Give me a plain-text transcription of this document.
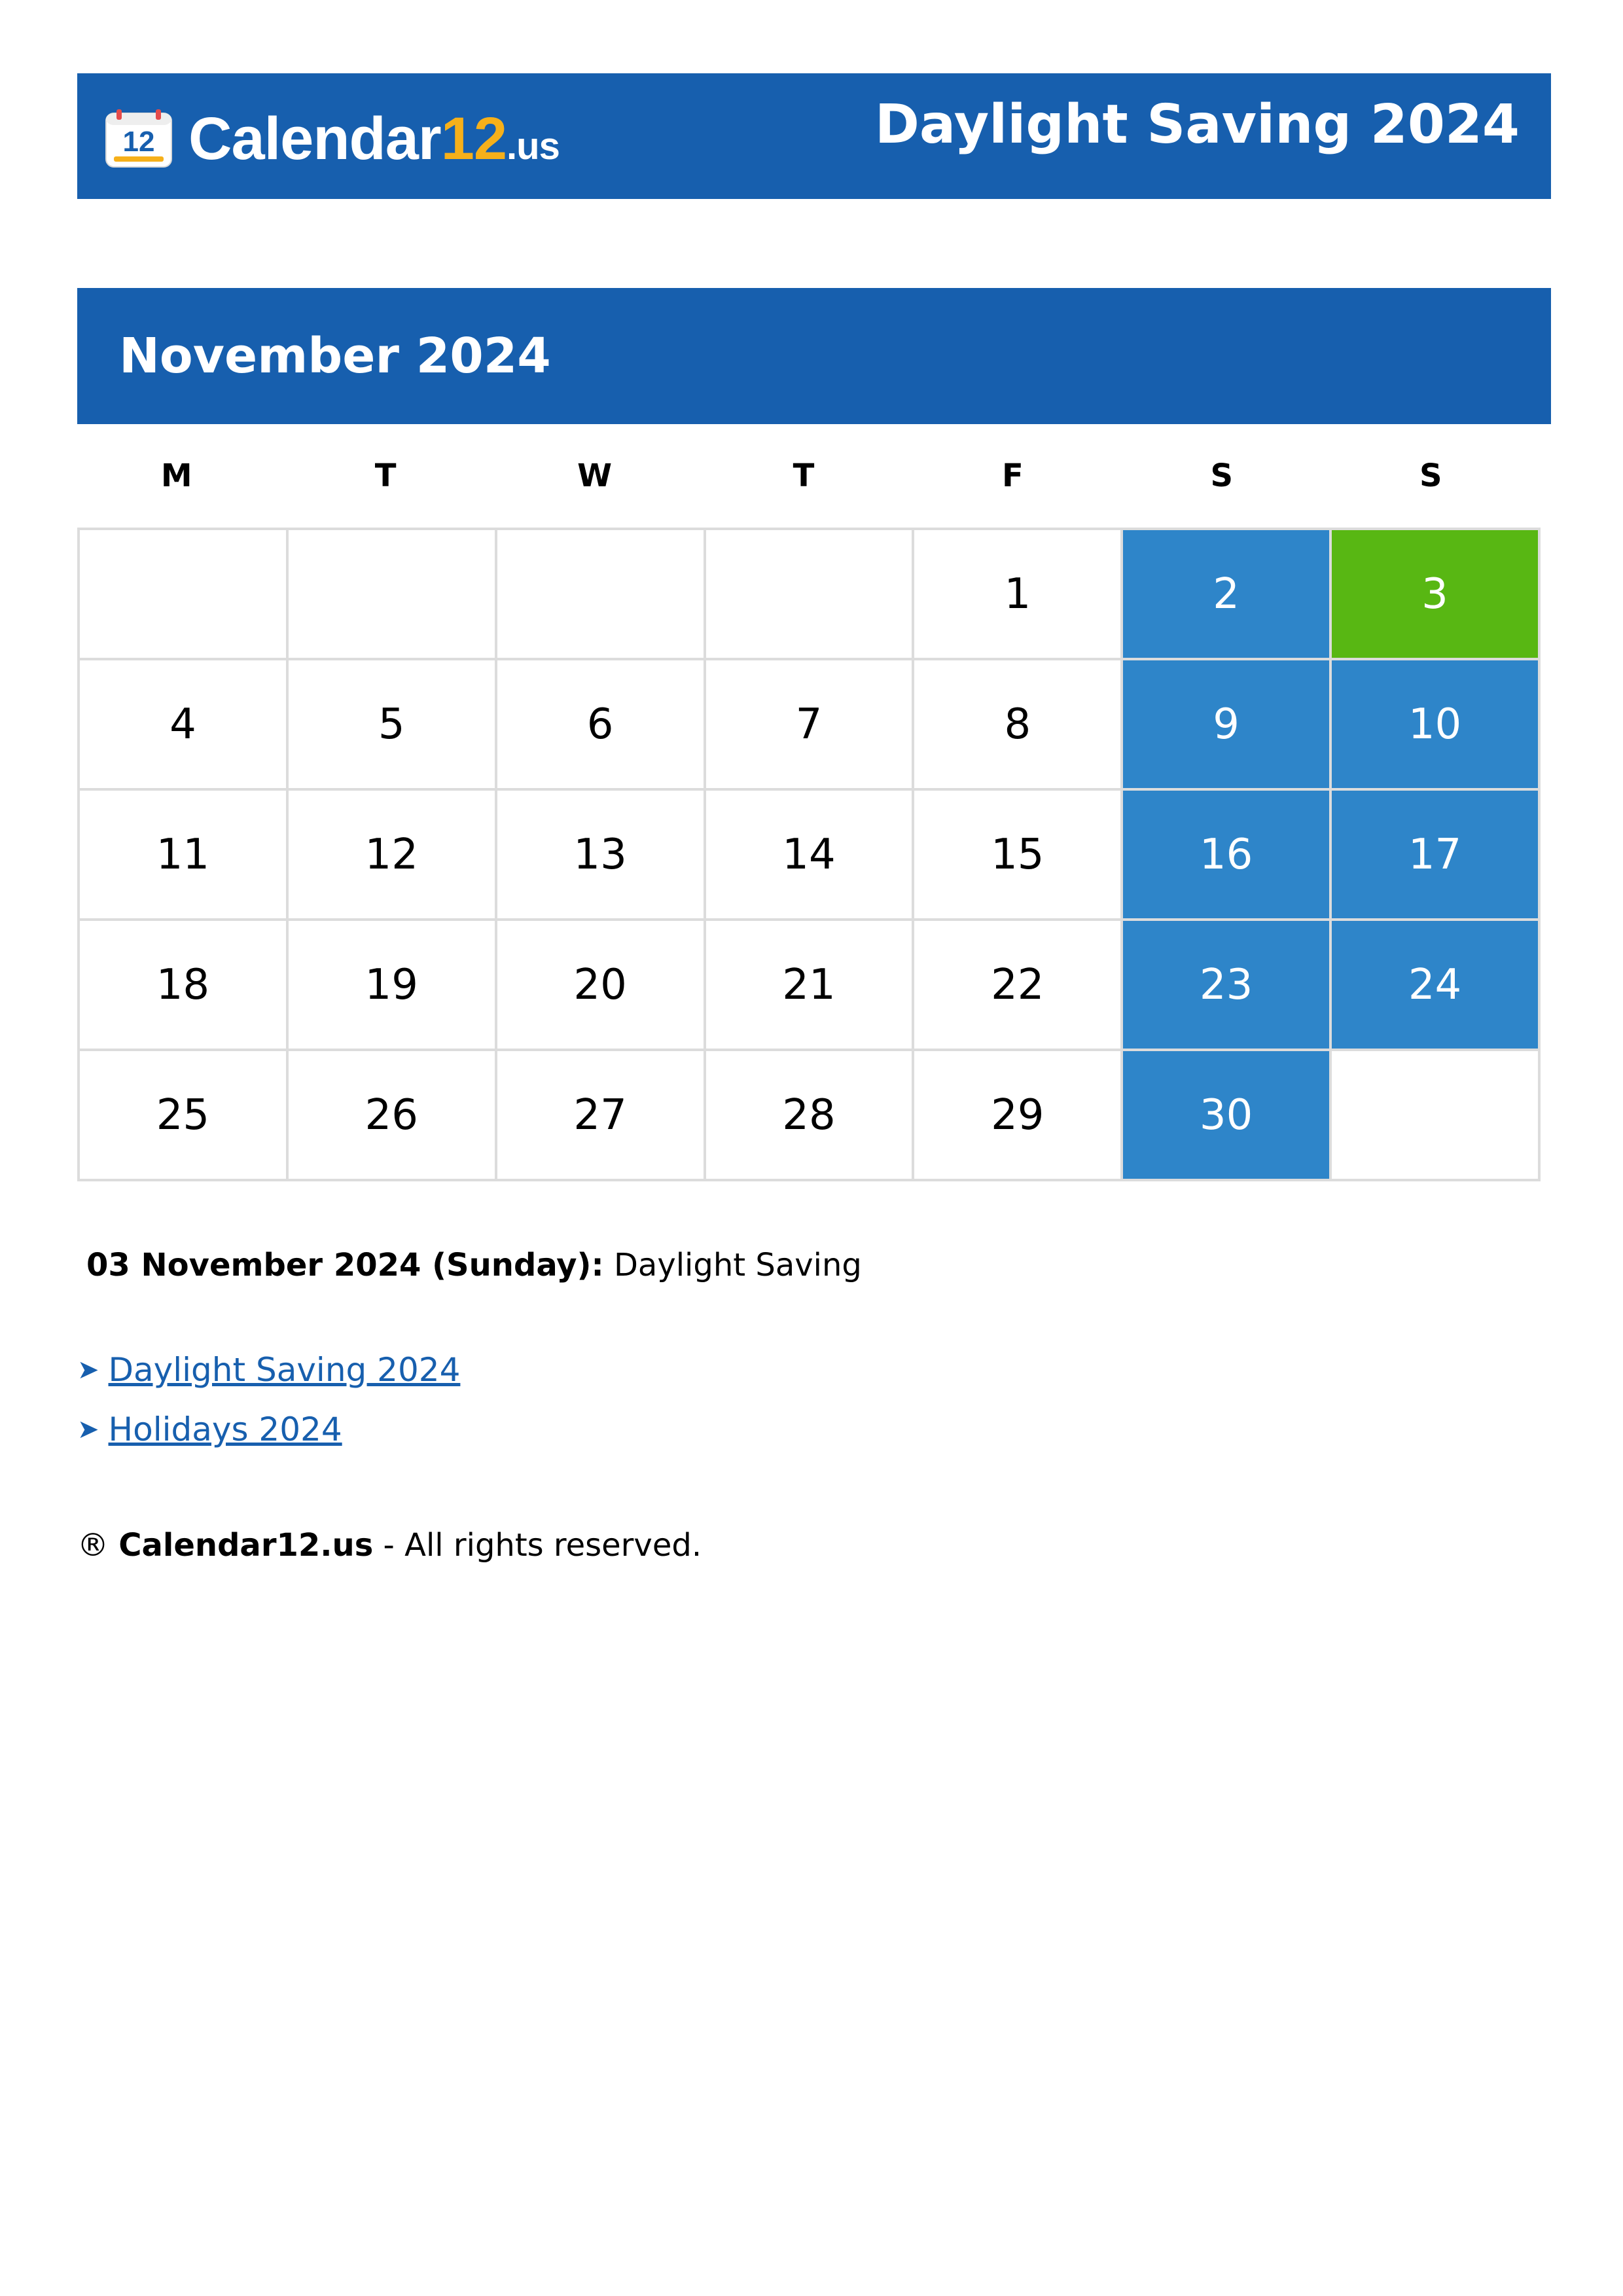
12 Calendar 12 .us	Daylight Saving 2024
November 2024
M	T	W	T	F	S	S
				1	2	3
4	5	6	7	8	9	10
11	12	13	14	15	16	17
18	19	20	21	22	23	24
25	26	27	28	29	30	
03 November 2024 (Sunday): Daylight Saving
➤ Daylight Saving 2024
➤ Holidays 2024
® Calendar12.us - All rights reserved.
